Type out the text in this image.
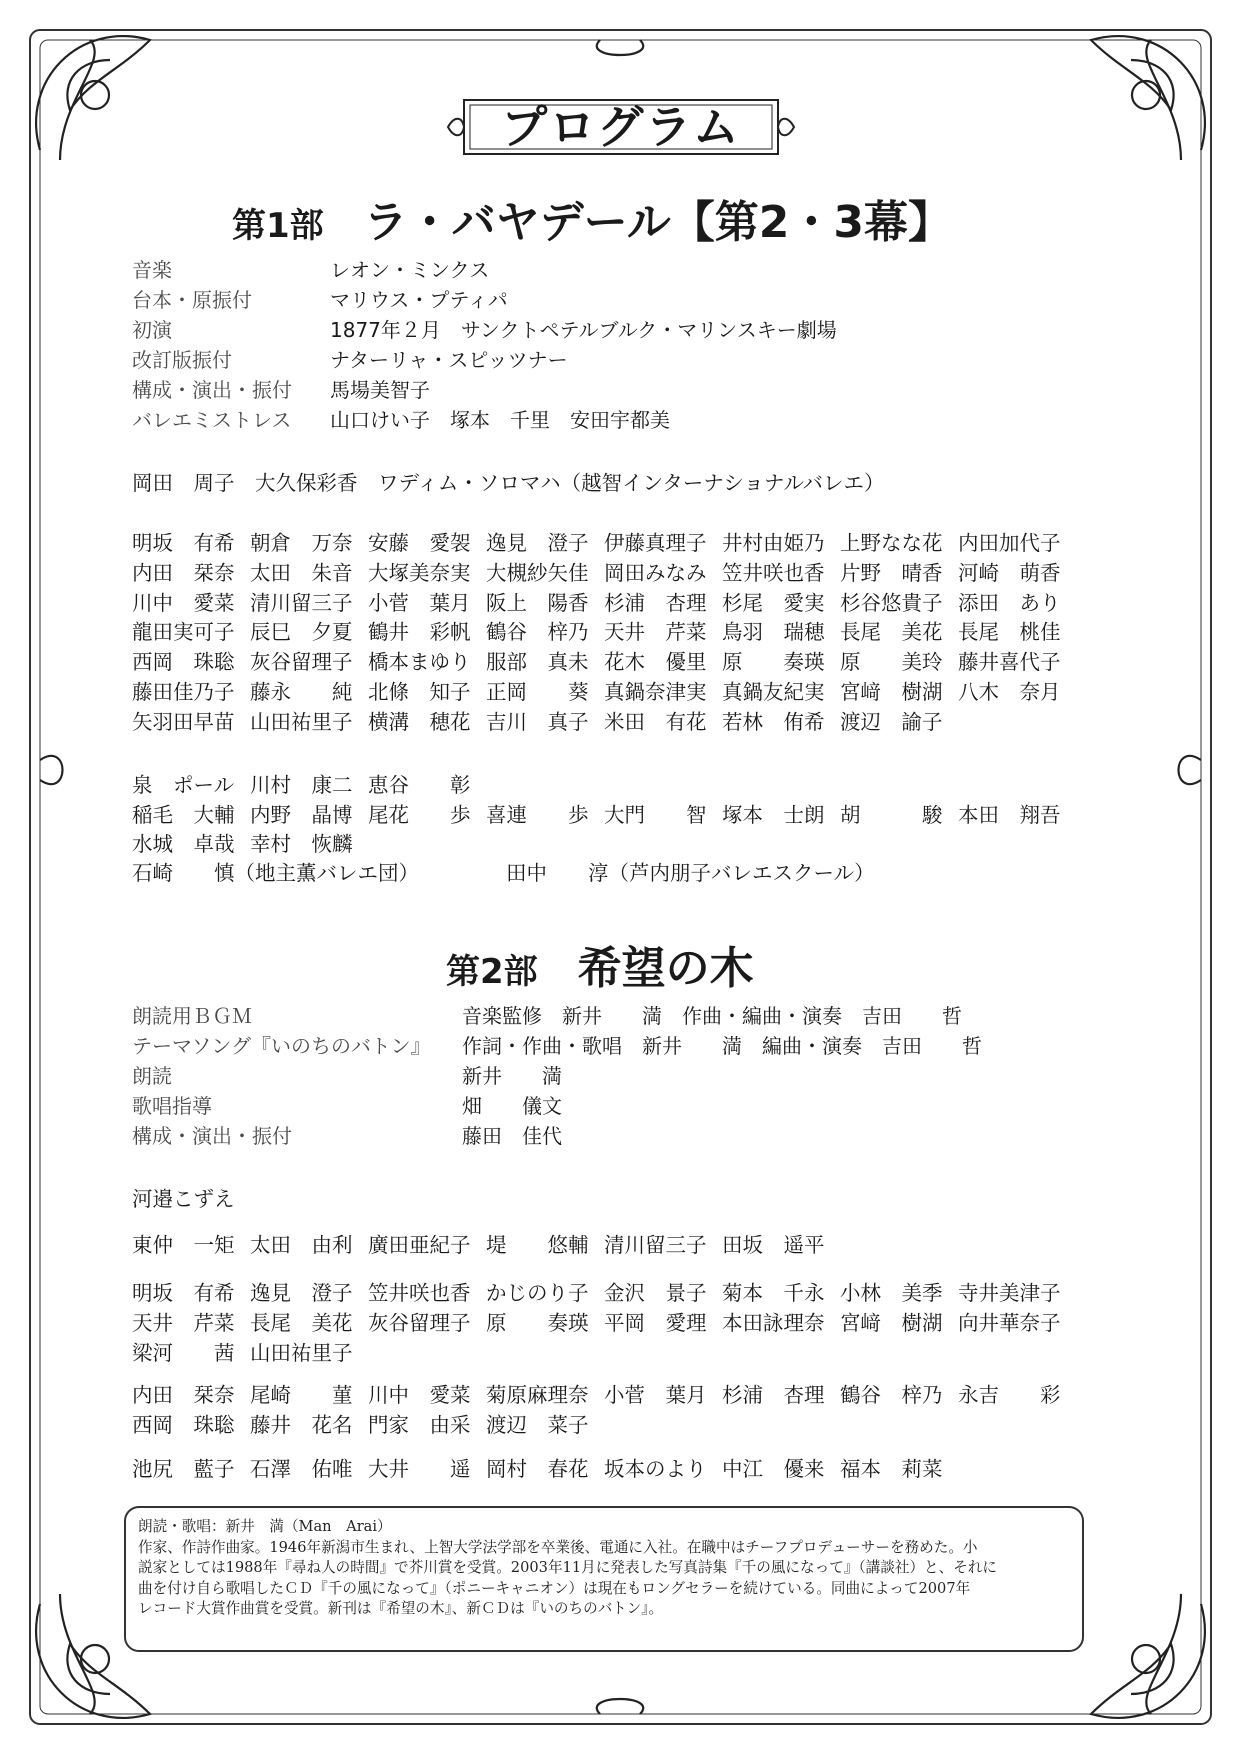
プログラム
第1部 ラ・バヤデール【第2・3幕】
音楽	レオン・ミンクス
台本・原振付	マリウス・プティパ
初演	1877年２月　サンクトペテルブルク・マリンスキー劇場
改訂版振付	ナターリャ・スピッツナー
構成・演出・振付 馬場美智子
バレエミストレス 山口けい子　塚本　千里　安田宇都美
岡田　周子　大久保彩香　ワディム・ソロマハ（越智インターナショナルバレエ）
明坂　有希 朝倉　万奈 安藤　愛袈 逸見　澄子 伊藤真理子 井村由姫乃 上野なな花 内田加代子
内田　栞奈 太田　朱音 大塚美奈実 大槻紗矢佳 岡田みなみ 笠井咲也香 片野　晴香 河崎　萌香
川中　愛菜 清川留三子 小菅　葉月 阪上　陽香 杉浦　杏理 杉尾　愛実 杉谷悠貴子 添田　あり
龍田実可子 辰巳　夕夏 鶴井　彩帆 鶴谷　梓乃 天井　芹菜 鳥羽　瑞穂 長尾　美花 長尾　桃佳
西岡　珠聡 灰谷留理子 橋本まゆり 服部　真未 花木　優里 原　　奏瑛 原　　美玲 藤井喜代子
藤田佳乃子 藤永　　純 北條　知子 正岡　　葵 真鍋奈津実 真鍋友紀実 宮﨑　樹湖 八木　奈月
矢羽田早苗 山田祐里子 横溝　穂花 吉川　真子 米田　有花 若林　侑希 渡辺　諭子
泉　ポール 川村　康二 恵谷　　彰
稲毛　大輔 内野　晶博 尾花　　歩 喜連　　歩 大門　　智 塚本　士朗 胡　　　駿 本田　翔吾
水城　卓哉 幸村　恢麟
石崎　　慎（地主薫バレエ団）	田中　　淳（芦内朋子バレエスクール）
第2部 希望の木
朗読用ＢＧＭ	音楽監修　新井　　満　作曲・編曲・演奏　吉田　　哲
テーマソング『いのちのバトン』 作詞・作曲・歌唱　新井　　満　編曲・演奏　吉田　　哲
朗読	新井　　満
歌唱指導	畑　　儀文
構成・演出・振付	藤田　佳代
河邉こずえ
東仲　一矩 太田　由利 廣田亜紀子 堤　　悠輔 清川留三子 田坂　遥平
明坂　有希 逸見　澄子 笠井咲也香 かじのり子 金沢　景子 菊本　千永 小林　美季 寺井美津子
天井　芹菜 長尾　美花 灰谷留理子 原　　奏瑛 平岡　愛理 本田詠理奈 宮﨑　樹湖 向井華奈子
梁河　　茜 山田祐里子
内田　栞奈 尾崎　　菫 川中　愛菜 菊原麻理奈 小菅　葉月 杉浦　杏理 鶴谷　梓乃 永吉　　彩
西岡　珠聡 藤井　花名 門家　由采 渡辺　菜子
池尻　藍子 石澤　佑唯 大井　　遥 岡村　春花 坂本のより 中江　優来 福本　莉菜
朗読・歌唱：新井　満（Man　Arai）
作家、作詩作曲家。1946年新潟市生まれ、上智大学法学部を卒業後、電通に入社。在職中はチーフプロデューサーを務めた。小
説家としては1988年『尋ね人の時間』で芥川賞を受賞。2003年11月に発表した写真詩集『千の風になって』（講談社）と、それに
曲を付け自ら歌唱したＣＤ『千の風になって』（ポニーキャニオン）は現在もロングセラーを続けている。同曲によって2007年
レコード大賞作曲賞を受賞。新刊は『希望の木』、新ＣＤは『いのちのバトン』。
